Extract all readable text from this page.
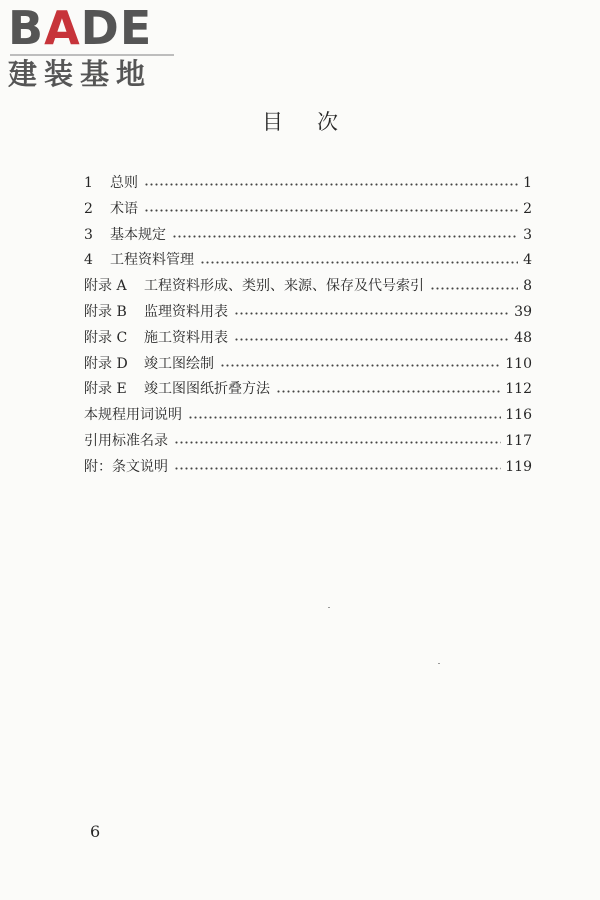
BADE
建装基地
目次
1	总则	1
2	术语	2
3	基本规定	3
4	工程资料管理	4
附录 A	工程资料形成、类别、来源、保存及代号索引	8
附录 B	监理资料用表	39
附录 C	施工资料用表	48
附录 D	竣工图绘制	110
附录 E	竣工图图纸折叠方法	112
本规程用词说明	116
引用标准名录	117
附：条文说明	119
6
